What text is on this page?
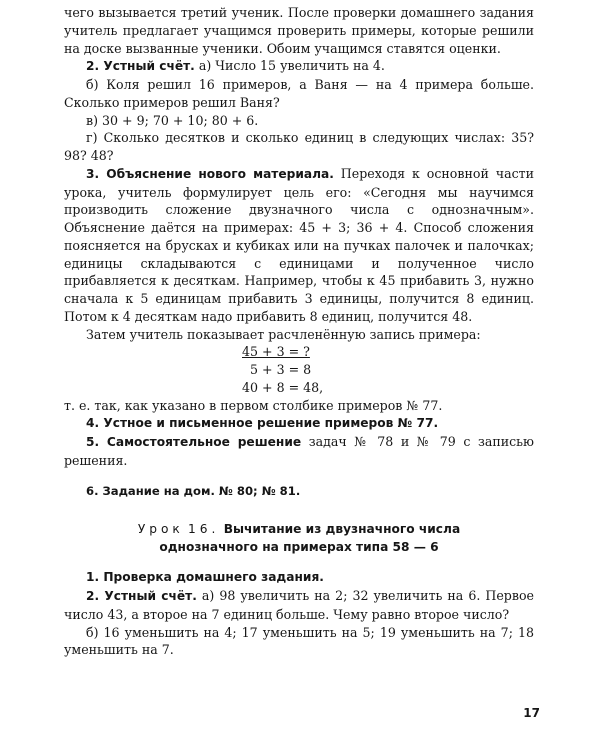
чего вызывается третий ученик. После проверки домашнего задания учитель предлагает учащимся проверить примеры, которые решили на доске вызванные ученики. Обоим учащимся ставятся оценки.

2. Устный счёт. а) Число 15 увеличить на 4.

б) Коля решил 16 примеров, а Ваня — на 4 примера больше. Сколько примеров решил Ваня?

в) 30 + 9; 70 + 10; 80 + 6.

г) Сколько десятков и сколько единиц в следующих числах: 35? 98? 48?

3. Объяснение нового материала. Переходя к основной части урока, учитель формулирует цель его: «Сегодня мы научимся производить сложение двузначного числа с однозначным». Объяснение даётся на примерах: 45 + 3; 36 + 4. Способ сложения поясняется на брусках и кубиках или на пучках палочек и палочках; единицы складываются с единицами и полученное число прибавляется к десяткам. Например, чтобы к 45 прибавить 3, нужно сначала к 5 единицам прибавить 3 единицы, получится 8 единиц. Потом к 4 десяткам надо прибавить 8 единиц, получится 48.

Затем учитель показывает расчленённую запись примера:

45 + 3 = ?

5 + 3 = 8

40 + 8 = 48,

т. е. так, как указано в первом столбике примеров № 77.

4. Устное и письменное решение примеров № 77.

5. Самостоятельное решение задач № 78 и № 79 с записью решения.

6. Задание на дом. № 80; № 81.

Урок 16. Вычитание из двузначного числа

однозначного на примерах типа 58 — 6

1. Проверка домашнего задания.

2. Устный счёт. а) 98 увеличить на 2; 32 увеличить на 6. Первое число 43, а второе на 7 единиц больше. Чему равно второе число?

б) 16 уменьшить на 4; 17 уменьшить на 5; 19 уменьшить на 7; 18 уменьшить на 7.

17
